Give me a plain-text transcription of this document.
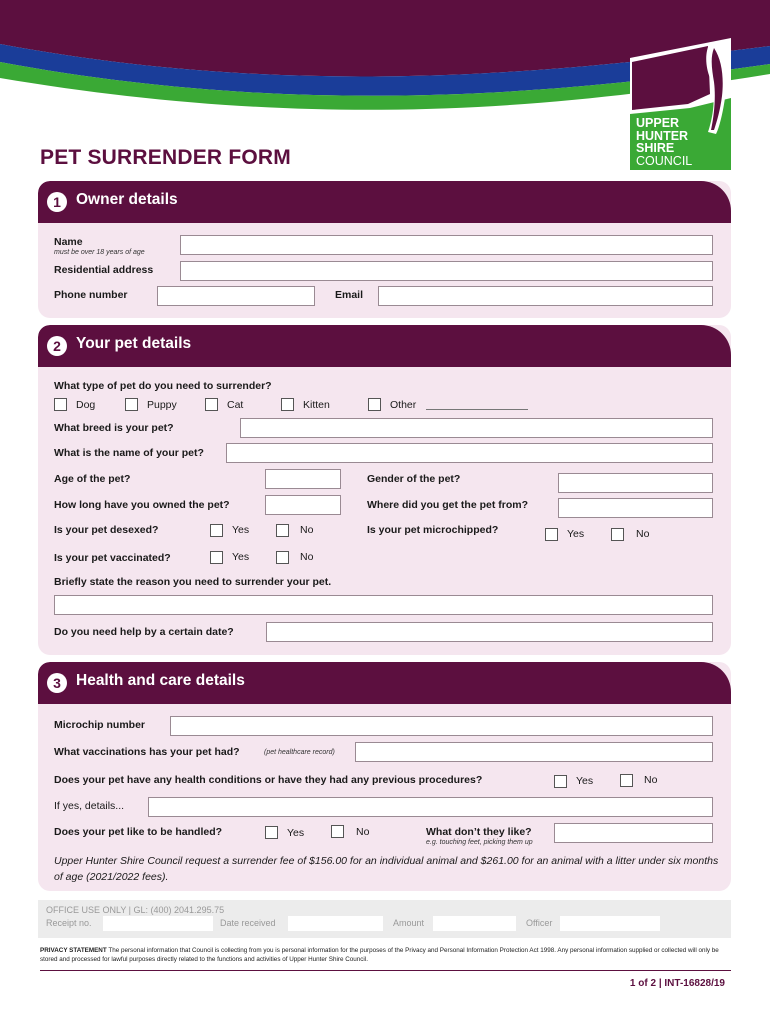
PET SURRENDER FORM
UPPER
HUNTER
SHIRE
COUNCIL
1 Owner details
Name
must be over 18 years of age
Residential address
Phone number	Email
2 Your pet details
What type of pet do you need to surrender?
Dog	Puppy	Cat	Kitten	Other
What breed is your pet?
What is the name of your pet?
Age of the pet?	Gender of the pet?
How long have you owned the pet?	Where did you get the pet from?
Is your pet desexed?	Yes	No	Is your pet microchipped?	Yes	No
Is your pet vaccinated?	Yes	No
Briefly state the reason you need to surrender your pet.
Do you need help by a certain date?
3 Health and care details
Microchip number
What vaccinations has your pet had?	(pet healthcare record)
Does your pet have any health conditions or have they had any previous procedures?	Yes	No
If yes, details...
Does your pet like to be handled?	Yes	No	What don’t they like?
e.g. touching feet, picking them up
Upper Hunter Shire Council request a surrender fee of $156.00 for an individual animal and $261.00 for an animal with a litter under six months of age (2021/2022 fees).
OFFICE USE ONLY | GL: (400) 2041.295.75
Receipt no.	Date received	Amount	Officer
PRIVACY STATEMENT The personal information that Council is collecting from you is personal information for the purposes of the Privacy and Personal Information Protection Act 1998. Any personal information supplied or collected will only be stored and processed for lawful purposes directly related to the functions and activities of Upper Hunter Shire Council.
1 of 2 | INT-16828/19
